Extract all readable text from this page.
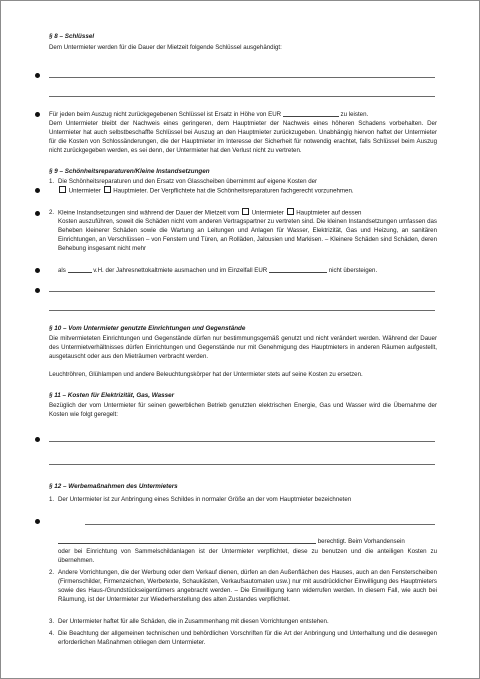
§ 8 – Schlüssel
Dem Untermieter werden für die Dauer der Mietzeit folgende Schlüssel ausgehändigt:
Für jeden beim Auszug nicht zurückgegebenen Schlüssel ist Ersatz in Höhe von EUR	zu leisten.
Dem Untermieter bleibt der Nachweis eines geringeren, dem Hauptmieter der Nachweis eines höheren Schadens vorbehalten. Der Untermieter hat auch selbstbeschaffte Schlüssel bei Auszug an den Hauptmieter zurückzugeben. Unabhängig hiervon haftet der Untermieter für die Kosten von Schlossänderungen, die der Hauptmieter im Interesse der Sicherheit für notwendig erachtet, falls Schlüssel beim Auszug nicht zurückgegeben werden, es sei denn, der Untermieter hat den Verlust nicht zu vertreten.
§ 9 – Schönheitsreparaturen/Kleine Instandsetzungen
1. Die Schönheitsreparaturen und den Ersatz von Glasscheiben übernimmt auf eigene Kosten der
Untermieter Hauptmieter. Der Verpflichtete hat die Schönheitsreparaturen fachgerecht vorzunehmen.
2. Kleine Instandsetzungen sind während der Dauer der Mietzeit vom Untermieter Hauptmieter auf dessen
Kosten auszuführen, soweit die Schäden nicht vom anderen Vertragspartner zu vertreten sind. Die kleinen Instandsetzungen umfassen das Beheben kleinerer Schäden sowie die Wartung an Leitungen und Anlagen für Wasser, Elektrizität, Gas und Heizung, an sanitären Einrichtungen, an Verschlüssen – von Fenstern und Türen, an Rolläden, Jalousien und Markisen. – Kleinere Schäden sind Schäden, deren Behebung insgesamt nicht mehr
als	v.H. der Jahresnettokaltmiete ausmachen und im Einzelfall EUR	nicht übersteigen.
§ 10 – Vom Untermieter genutzte Einrichtungen und Gegenstände
Die mitvermieteten Einrichtungen und Gegenstände dürfen nur bestimmungsgemäß genutzt und nicht verändert werden. Während der Dauer des Untermietverhältnisses dürfen Einrichtungen und Gegenstände nur mit Genehmigung des Hauptmieters in anderen Räumen aufgestellt, ausgetauscht oder aus den Mieträumen verbracht werden.
Leuchtröhren, Glühlampen und andere Beleuchtungskörper hat der Untermieter stets auf seine Kosten zu ersetzen.
§ 11 – Kosten für Elektrizität, Gas, Wasser
Bezüglich der vom Untermieter für seinen gewerblichen Betrieb genutzten elektrischen Energie, Gas und Wasser wird die Übernahme der Kosten wie folgt geregelt:
§ 12 – Werbemaßnahmen des Untermieters
1. Der Untermieter ist zur Anbringung eines Schildes in normaler Größe an der vom Hauptmieter bezeichneten
berechtigt. Beim Vorhandensein
oder bei Einrichtung von Sammelschildanlagen ist der Untermieter verpflichtet, diese zu benutzen und die anteiligen Kosten zu übernehmen.
2. Andere Vorrichtungen, die der Werbung oder dem Verkauf dienen, dürfen an den Außenflächen des Hauses, auch an den Fensterscheiben (Firmenschilder, Firmenzeichen, Werbetexte, Schaukästen, Verkaufsautomaten usw.) nur mit ausdrücklicher Einwilligung des Hauptmieters sowie des Haus-/Grundstückseigentümers angebracht werden. – Die Einwilligung kann widerrufen werden. In diesem Fall, wie auch bei Räumung, ist der Untermieter zur Wiederherstellung des alten Zustandes verpflichtet.
3. Der Untermieter haftet für alle Schäden, die in Zusammenhang mit diesen Vorrichtungen entstehen.
4. Die Beachtung der allgemeinen technischen und behördlichen Vorschriften für die Art der Anbringung und Unterhaltung und die deswegen erforderlichen Maßnahmen obliegen dem Untermieter.
